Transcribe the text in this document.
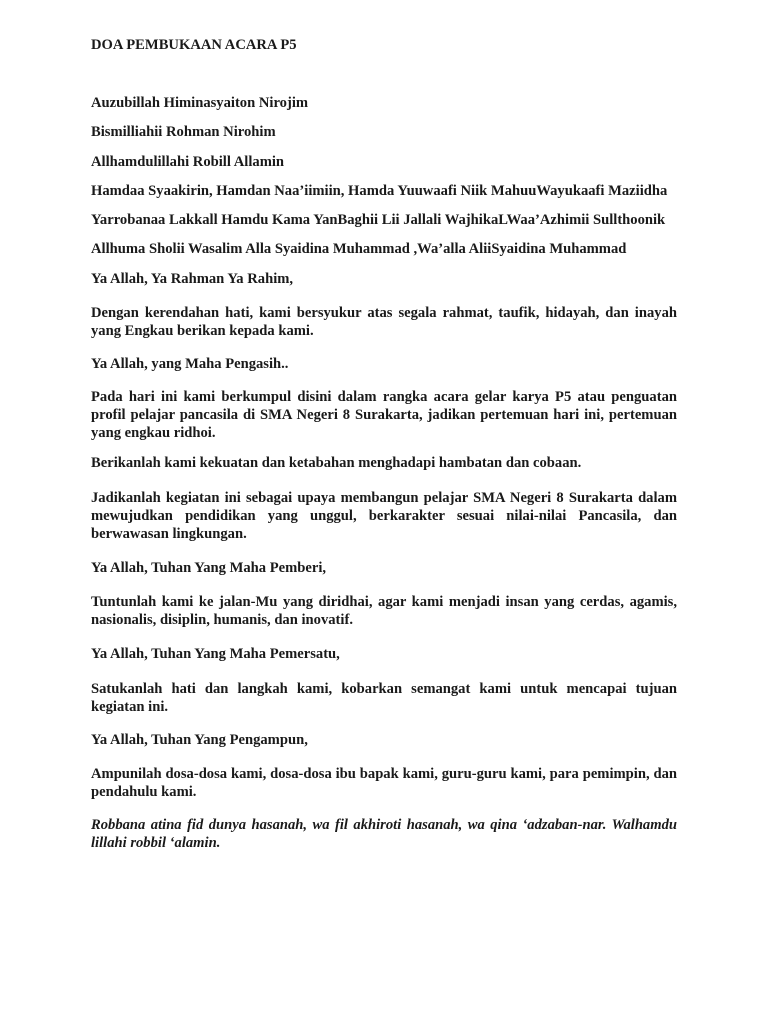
DOA PEMBUKAAN ACARA P5
Auzubillah Himinasyaiton Nirojim
Bismilliahii Rohman Nirohim
Allhamdulillahi Robill Allamin
Hamdaa Syaakirin, Hamdan Naa’iimiin, Hamda Yuuwaafi Niik MahuuWayukaafi Maziidha
Yarrobanaa Lakkall Hamdu Kama YanBaghii Lii Jallali WajhikaLWaa’Azhimii Sullthoonik
Allhuma Sholii Wasalim Alla Syaidina Muhammad ,Wa’alla AliiSyaidina Muhammad
Ya Allah, Ya Rahman Ya Rahim,
Dengan kerendahan hati, kami bersyukur atas segala rahmat, taufik, hidayah, dan inayah yang Engkau berikan kepada kami.
Ya Allah, yang Maha Pengasih..
Pada hari ini kami berkumpul disini dalam rangka acara gelar karya P5 atau penguatan profil pelajar pancasila di SMA Negeri 8 Surakarta, jadikan pertemuan hari ini, pertemuan yang engkau ridhoi.
Berikanlah kami kekuatan dan ketabahan menghadapi hambatan dan cobaan.
Jadikanlah kegiatan ini sebagai upaya membangun pelajar SMA Negeri 8 Surakarta dalam mewujudkan pendidikan yang unggul, berkarakter sesuai nilai-nilai Pancasila, dan berwawasan lingkungan.
Ya Allah, Tuhan Yang Maha Pemberi,
Tuntunlah kami ke jalan-Mu yang diridhai, agar kami menjadi insan yang cerdas, agamis, nasionalis, disiplin, humanis, dan inovatif.
Ya Allah, Tuhan Yang Maha Pemersatu,
Satukanlah hati dan langkah kami, kobarkan semangat kami untuk mencapai tujuan kegiatan ini.
Ya Allah, Tuhan Yang Pengampun,
Ampunilah dosa-dosa kami, dosa-dosa ibu bapak kami, guru-guru kami, para pemimpin, dan pendahulu kami.
Robbana atina fid dunya hasanah, wa fil akhiroti hasanah, wa qina ‘adzaban-nar. Walhamdu lillahi robbil ‘alamin.
